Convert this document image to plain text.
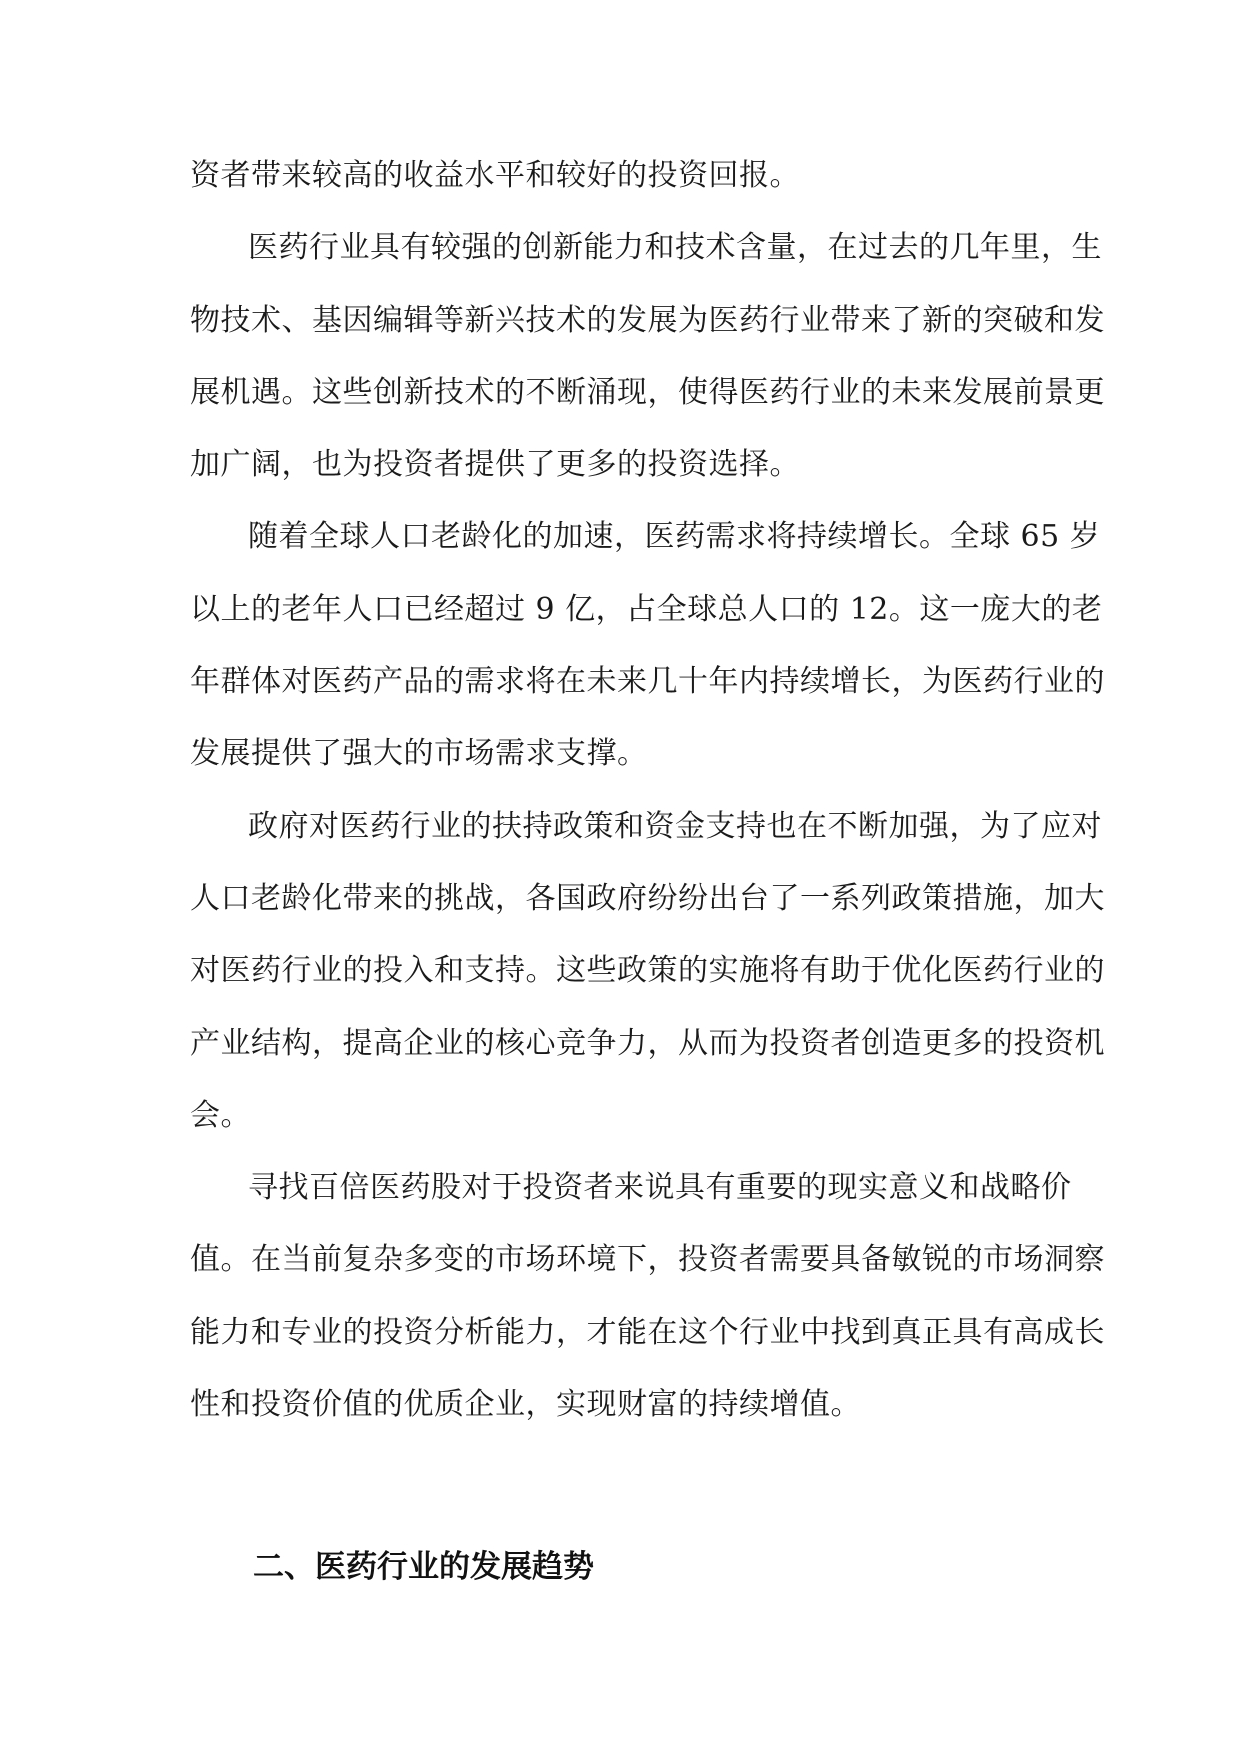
资者带来较高的收益水平和较好的投资回报。
医药行业具有较强的创新能力和技术含量，在过去的几年里，生
物技术、基因编辑等新兴技术的发展为医药行业带来了新的突破和发
展机遇。这些创新技术的不断涌现，使得医药行业的未来发展前景更
加广阔，也为投资者提供了更多的投资选择。
随着全球人口老龄化的加速，医药需求将持续增长。全球 65 岁
以上的老年人口已经超过 9 亿，占全球总人口的 12。这一庞大的老
年群体对医药产品的需求将在未来几十年内持续增长，为医药行业的
发展提供了强大的市场需求支撑。
政府对医药行业的扶持政策和资金支持也在不断加强，为了应对
人口老龄化带来的挑战，各国政府纷纷出台了一系列政策措施，加大
对医药行业的投入和支持。这些政策的实施将有助于优化医药行业的
产业结构，提高企业的核心竞争力，从而为投资者创造更多的投资机
会。
寻找百倍医药股对于投资者来说具有重要的现实意义和战略价
值。在当前复杂多变的市场环境下，投资者需要具备敏锐的市场洞察
能力和专业的投资分析能力，才能在这个行业中找到真正具有高成长
性和投资价值的优质企业，实现财富的持续增值。
二、医药行业的发展趋势
